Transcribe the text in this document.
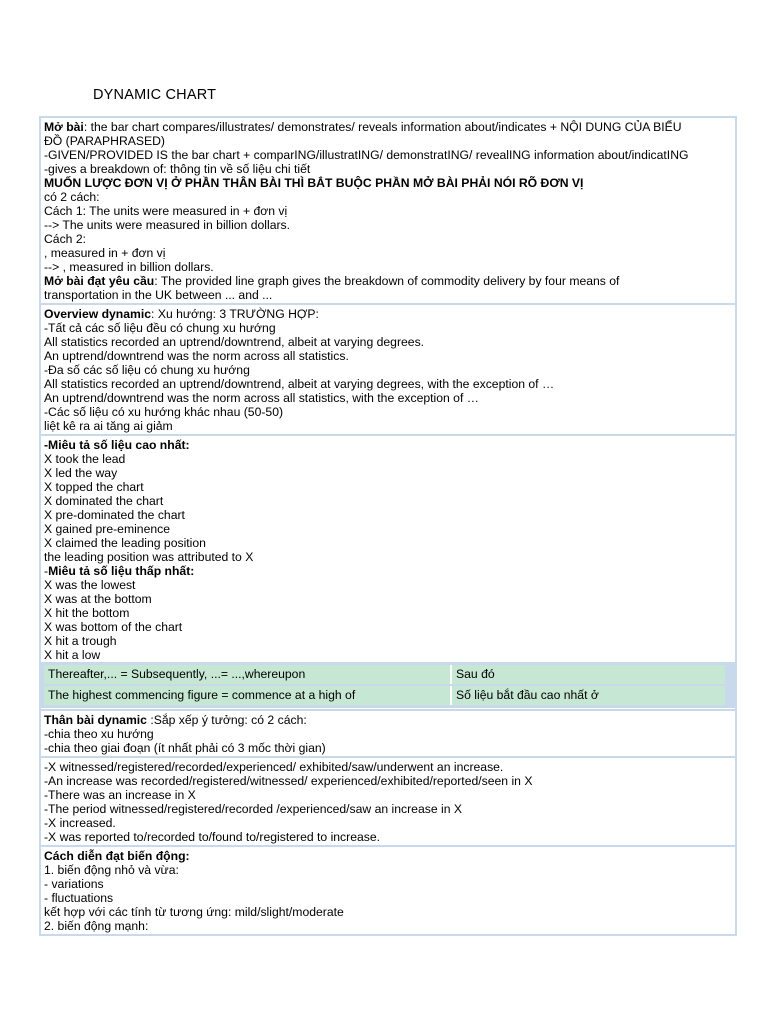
DYNAMIC CHART
Mở bài: the bar chart compares/illustrates/ demonstrates/ reveals information about/indicates + NỘI DUNG CỦA BIỂU
ĐỒ (PARAPHRASED)
-GIVEN/PROVIDED IS the bar chart + comparING/illustratING/ demonstratING/ revealING information about/indicatING
-gives a breakdown of: thông tin về số liệu chi tiết
MUỐN LƯỢC ĐƠN VỊ Ở PHẦN THÂN BÀI THÌ BẮT BUỘC PHẦN MỞ BÀI PHẢI NÓI RÕ ĐƠN VỊ
có 2 cách:
Cách 1: The units were measured in + đơn vị
--> The units were measured in billion dollars.
Cách 2:
, measured in + đơn vị
--> , measured in billion dollars.
Mở bài đạt yêu cầu: The provided line graph gives the breakdown of commodity delivery by four means of
transportation in the UK between ... and ...
Overview dynamic: Xu hướng: 3 TRƯỜNG HỢP:
-Tất cả các số liệu đều có chung xu hướng
All statistics recorded an uptrend/downtrend, albeit at varying degrees.
An uptrend/downtrend was the norm across all statistics.
-Đa số các số liệu có chung xu hướng
All statistics recorded an uptrend/downtrend, albeit at varying degrees, with the exception of …
An uptrend/downtrend was the norm across all statistics, with the exception of …
-Các số liệu có xu hướng khác nhau (50-50)
liệt kê ra ai tăng ai giảm
-Miêu tả số liệu cao nhất:
X took the lead
X led the way
X topped the chart
X dominated the chart
X pre-dominated the chart
X gained pre-eminence
X claimed the leading position
the leading position was attributed to X
-Miêu tả số liệu thấp nhất:
X was the lowest
X was at the bottom
X hit the bottom
X was bottom of the chart
X hit a trough
X hit a low
Thereafter,... = Subsequently, ...= ...,whereupon	Sau đó
The highest commencing figure = commence at a high of	Số liệu bắt đầu cao nhất ở
Thân bài dynamic :Sắp xếp ý tưởng: có 2 cách:
-chia theo xu hướng
-chia theo giai đoạn (ít nhất phải có 3 mốc thời gian)
-X witnessed/registered/recorded/experienced/ exhibited/saw/underwent an increase.
-An increase was recorded/registered/witnessed/ experienced/exhibited/reported/seen in X
-There was an increase in X
-The period witnessed/registered/recorded /experienced/saw an increase in X
-X increased.
-X was reported to/recorded to/found to/registered to increase.
Cách diễn đạt biến động:
1. biến động nhỏ và vừa:
- variations
- fluctuations
kết hợp với các tính từ tương ứng: mild/slight/moderate
2. biến động mạnh:
